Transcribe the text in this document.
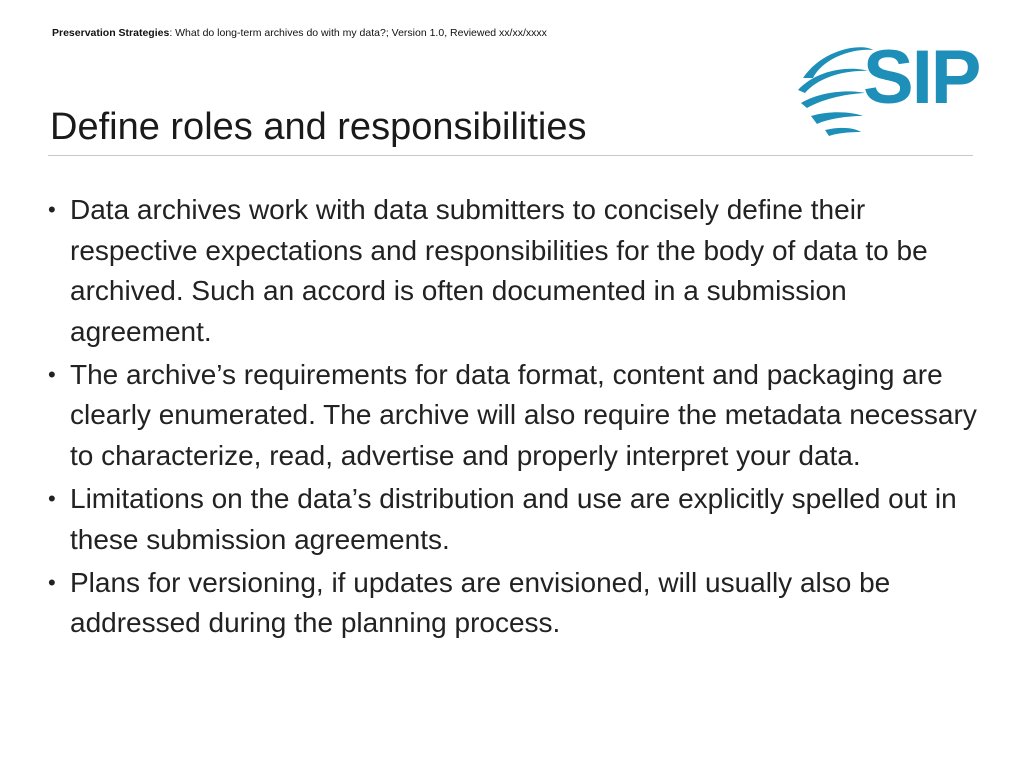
Preservation Strategies: What do long-term archives do with my data?; Version 1.0, Reviewed xx/xx/xxxx
SIP
Define roles and responsibilities
• Data archives work with data submitters to concisely define their respective expectations and responsibilities for the body of data to be archived. Such an accord is often documented in a submission agreement.
• The archive’s requirements for data format, content and packaging are clearly enumerated. The archive will also require the metadata necessary to characterize, read, advertise and properly interpret your data.
• Limitations on the data’s distribution and use are explicitly spelled out in these submission agreements.
• Plans for versioning, if updates are envisioned, will usually also be addressed during the planning process.
